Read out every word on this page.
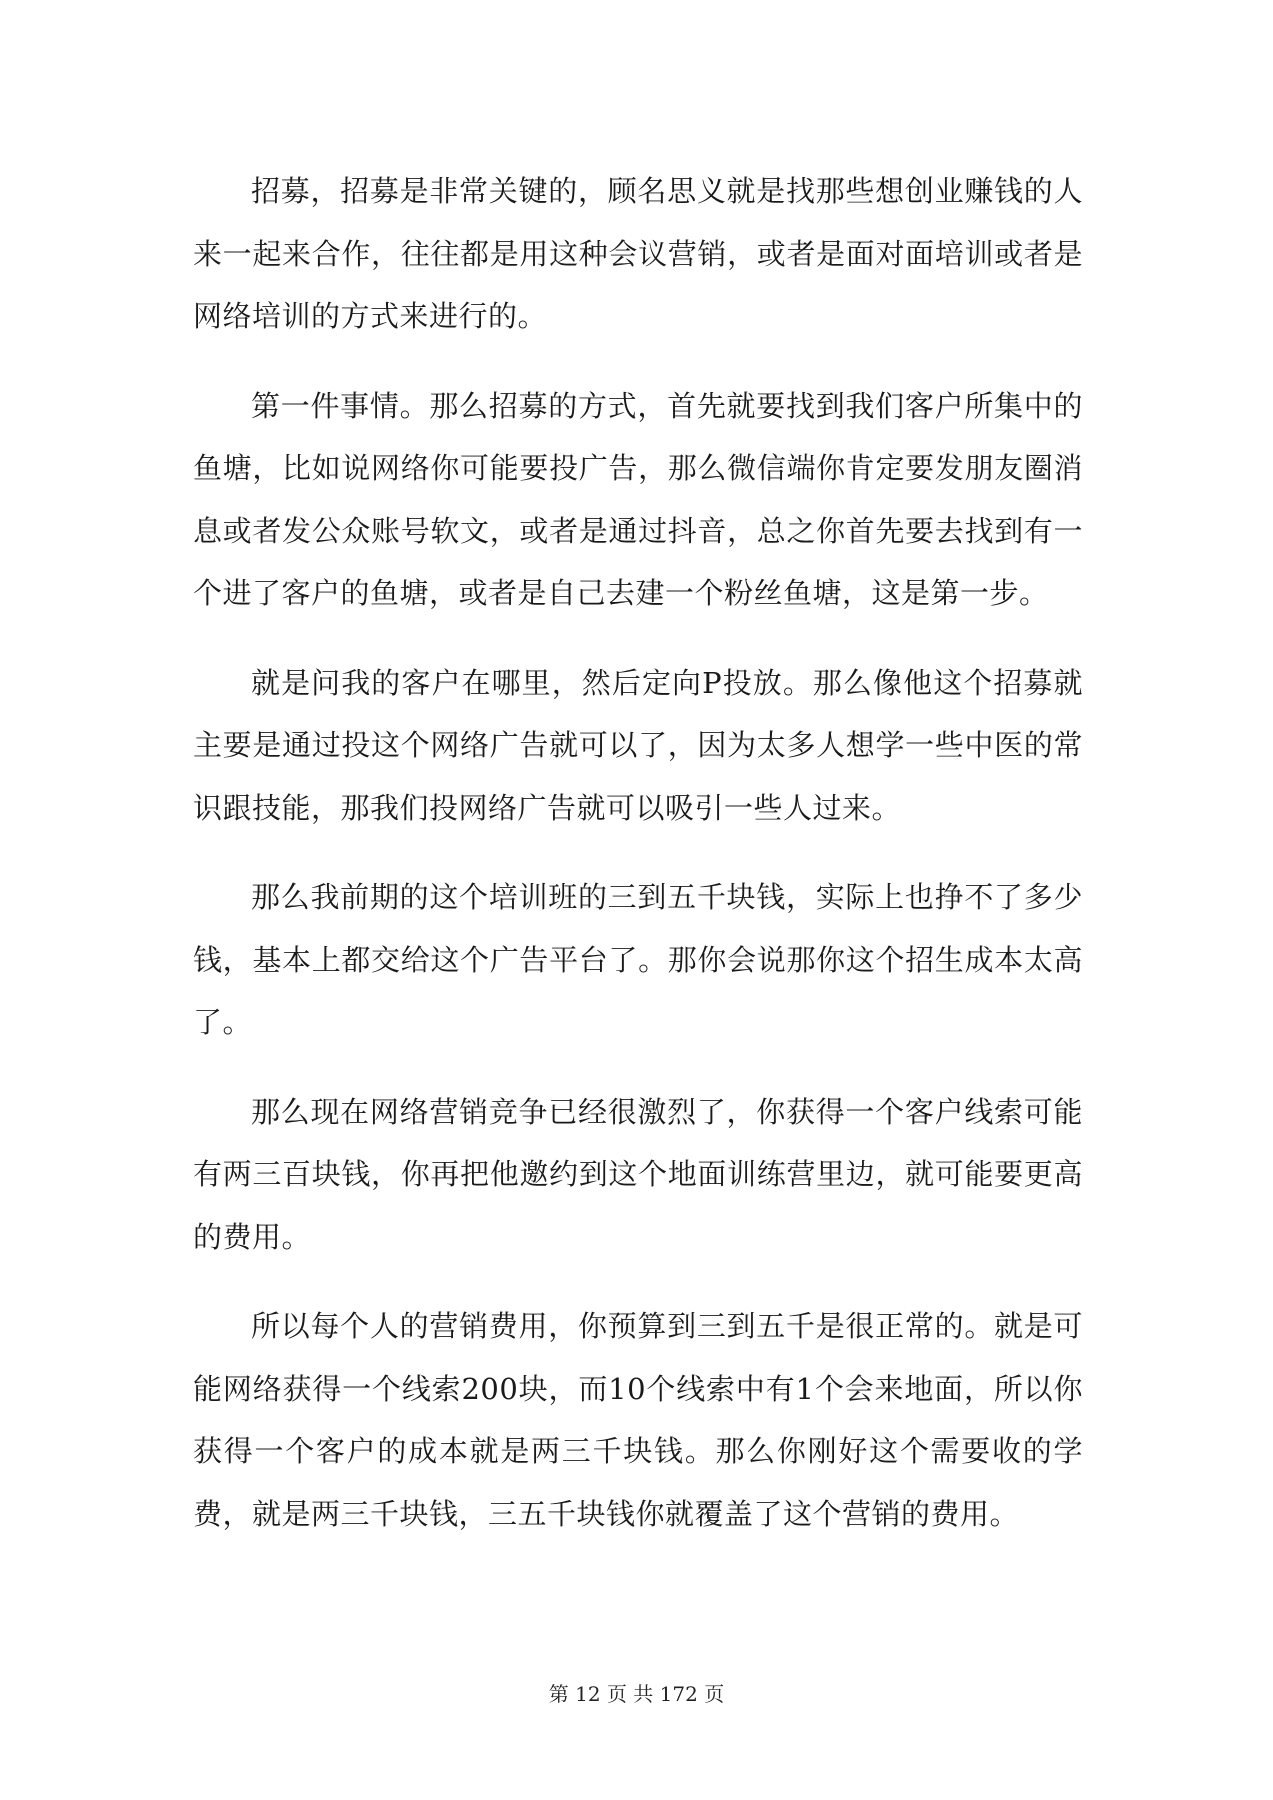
招募，招募是非常关键的，顾名思义就是找那些想创业赚钱的人来一起来合作，往往都是用这种会议营销，或者是面对面培训或者是网络培训的方式来进行的。

第一件事情。那么招募的方式，首先就要找到我们客户所集中的鱼塘，比如说网络你可能要投广告，那么微信端你肯定要发朋友圈消息或者发公众账号软文，或者是通过抖音，总之你首先要去找到有一个进了客户的鱼塘，或者是自己去建一个粉丝鱼塘，这是第一步。

就是问我的客户在哪里，然后定向P投放。那么像他这个招募就主要是通过投这个网络广告就可以了，因为太多人想学一些中医的常识跟技能，那我们投网络广告就可以吸引一些人过来。

那么我前期的这个培训班的三到五千块钱，实际上也挣不了多少钱，基本上都交给这个广告平台了。那你会说那你这个招生成本太高了。

那么现在网络营销竞争已经很激烈了，你获得一个客户线索可能有两三百块钱，你再把他邀约到这个地面训练营里边，就可能要更高的费用。

所以每个人的营销费用，你预算到三到五千是很正常的。就是可能网络获得一个线索200块，而10个线索中有1个会来地面，所以你获得一个客户的成本就是两三千块钱。那么你刚好这个需要收的学费，就是两三千块钱，三五千块钱你就覆盖了这个营销的费用。

第 12 页 共 172 页
